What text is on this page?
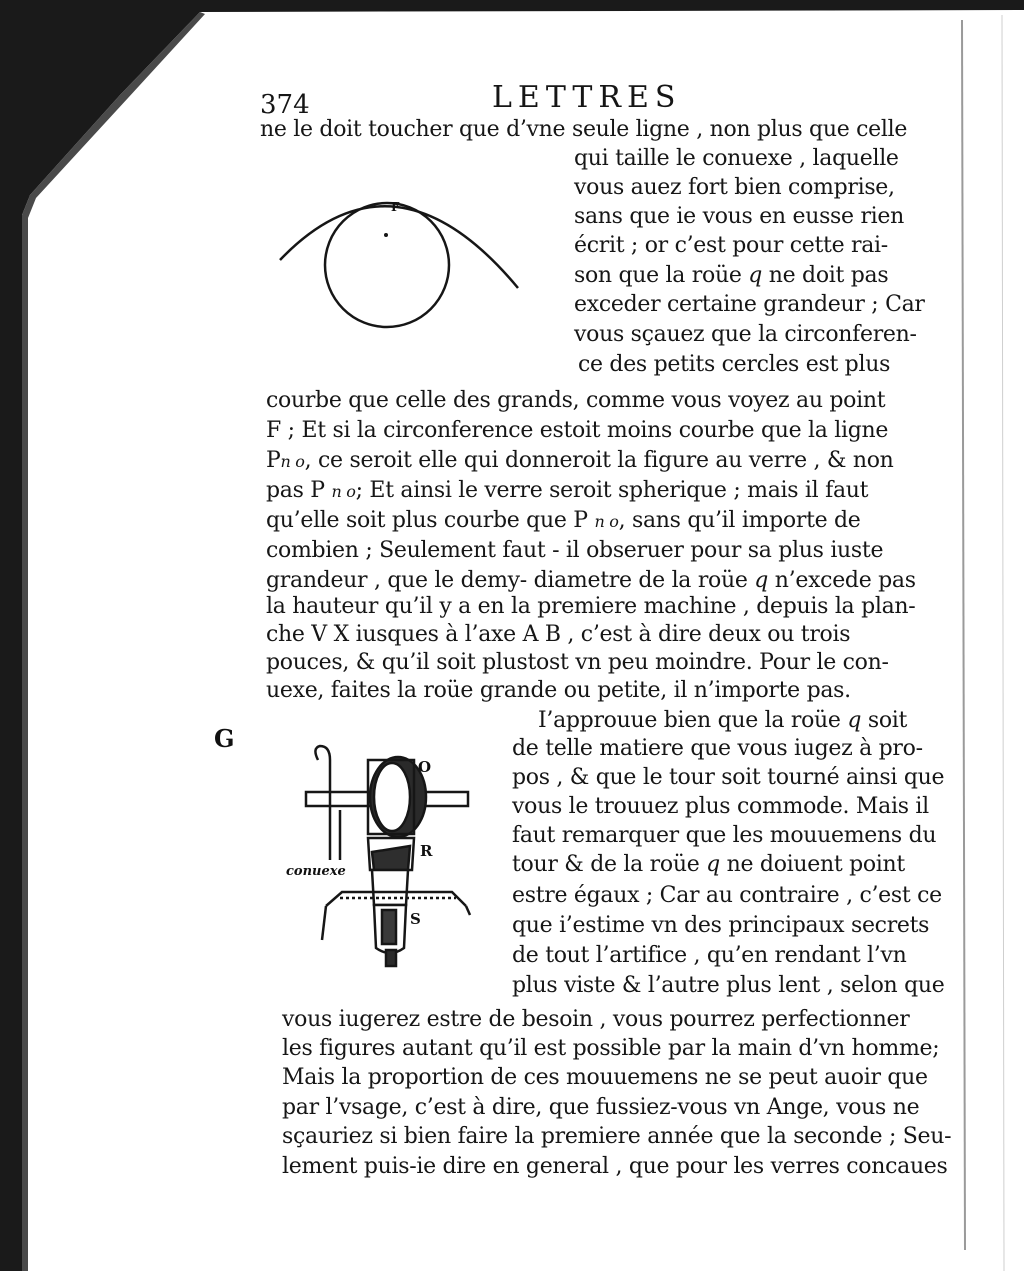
374	LETTRES
F
G
O
R
S
conuexe
ne le doit toucher que d’vne seule ligne , non plus que celle
qui taille le conuexe , laquelle
vous auez fort bien comprise,
sans que ie vous en eusse rien
écrit ; or c’est pour cette rai-
son que la roüe q ne doit pas
exceder certaine grandeur ; Car
vous sçauez que la circonferen-
ce des petits cercles est plus
courbe que celle des grands, comme vous voyez au point
F ; Et si la circonference estoit moins courbe que la ligne
Pn o, ce seroit elle qui donneroit la figure au verre , & non
pas P n o; Et ainsi le verre seroit spherique ; mais il faut
qu’elle soit plus courbe que P n o, sans qu’il importe de
combien ; Seulement faut - il obseruer pour sa plus iuste
grandeur , que le demy- diametre de la roüe q n’excede pas
la hauteur qu’il y a en la premiere machine , depuis la plan-
che V X iusques à l’axe A B , c’est à dire deux ou trois
pouces, & qu’il soit plustost vn peu moindre. Pour le con-
uexe, faites la roüe grande ou petite, il n’importe pas.
I’approuue bien que la roüe q soit
de telle matiere que vous iugez à pro-
pos , & que le tour soit tourné ainsi que
vous le trouuez plus commode. Mais il
faut remarquer que les mouuemens du
tour & de la roüe q ne doiuent point
estre égaux ; Car au contraire , c’est ce
que i’estime vn des principaux secrets
de tout l’artifice , qu’en rendant l’vn
plus viste & l’autre plus lent , selon que
vous iugerez estre de besoin , vous pourrez perfectionner
les figures autant qu’il est possible par la main d’vn homme;
Mais la proportion de ces mouuemens ne se peut auoir que
par l’vsage, c’est à dire, que fussiez-vous vn Ange, vous ne
sçauriez si bien faire la premiere année que la seconde ; Seu-
lement puis-ie dire en general , que pour les verres concaues
